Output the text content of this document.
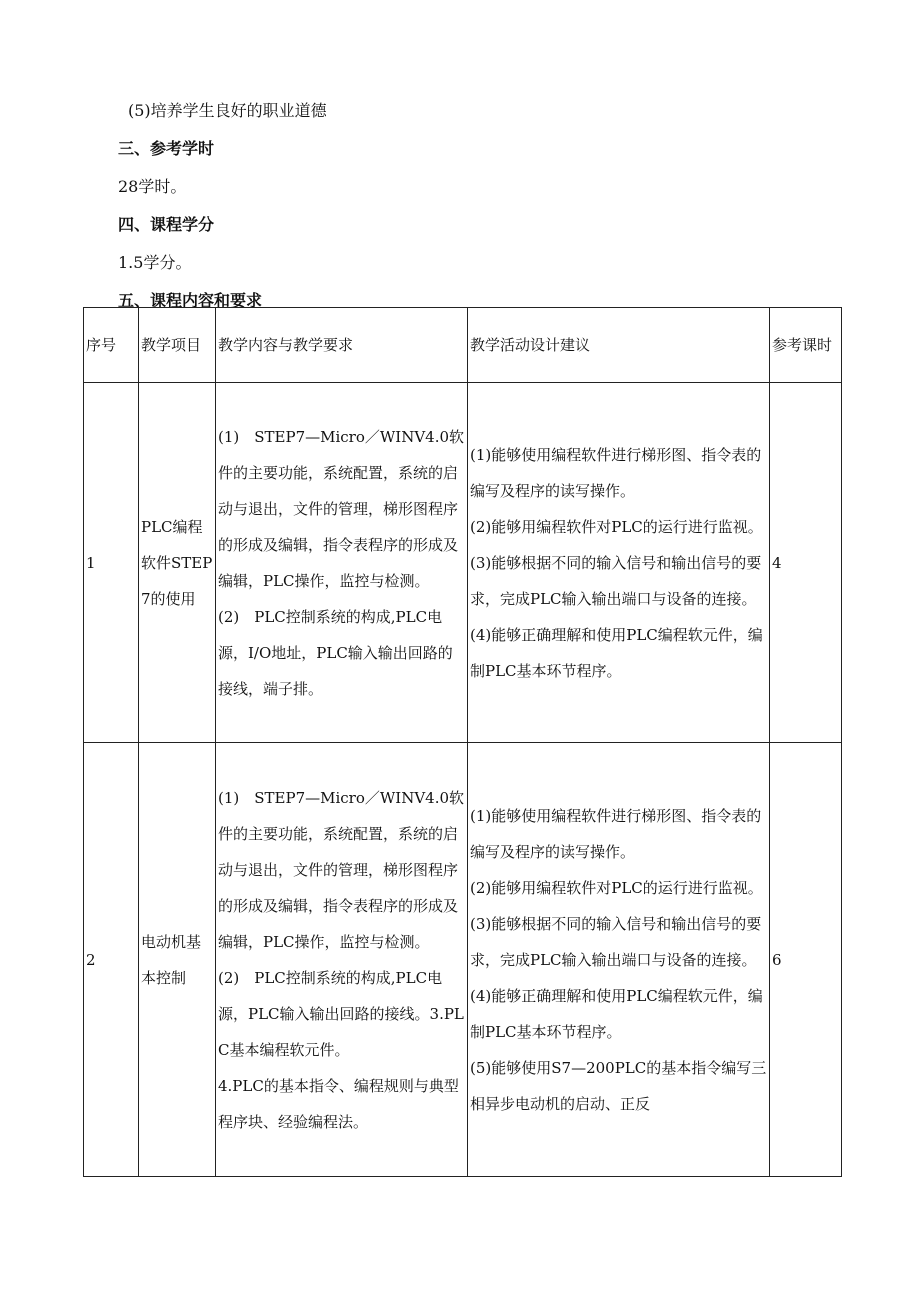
(5)培养学生良好的职业道德
三、参考学时
28学时。
四、课程学分
1.5学分。
五、课程内容和要求
序号	教学项目	教学内容与教学要求	教学活动设计建议	参考课时
1	PLC编程软件STEP7的使用	(1)　STEP7—Micro／WINV4.0软件的主要功能，系统配置，系统的启动与退出，文件的管理，梯形图程序的形成及编辑，指令表程序的形成及编辑，PLC操作，监控与检测。
(2)　PLC控制系统的构成,PLC电源，I/O地址，PLC输入输出回路的接线，端子排。	(1)能够使用编程软件进行梯形图、指令表的编写及程序的读写操作。
(2)能够用编程软件对PLC的运行进行监视。
(3)能够根据不同的输入信号和输出信号的要求，完成PLC输入输出端口与设备的连接。
(4)能够正确理解和使用PLC编程软元件，编制PLC基本环节程序。	4
2	电动机基本控制	(1)　STEP7—Micro／WINV4.0软件的主要功能，系统配置，系统的启动与退出，文件的管理，梯形图程序的形成及编辑，指令表程序的形成及编辑，PLC操作，监控与检测。
(2)　PLC控制系统的构成,PLC电源，PLC输入输出回路的接线。3.PLC基本编程软元件。
4.PLC的基本指令、编程规则与典型程序块、经验编程法。	(1)能够使用编程软件进行梯形图、指令表的编写及程序的读写操作。
(2)能够用编程软件对PLC的运行进行监视。
(3)能够根据不同的输入信号和输出信号的要求，完成PLC输入输出端口与设备的连接。
(4)能够正确理解和使用PLC编程软元件，编制PLC基本环节程序。
(5)能够使用S7—200PLC的基本指令编写三相异步电动机的启动、正反	6
